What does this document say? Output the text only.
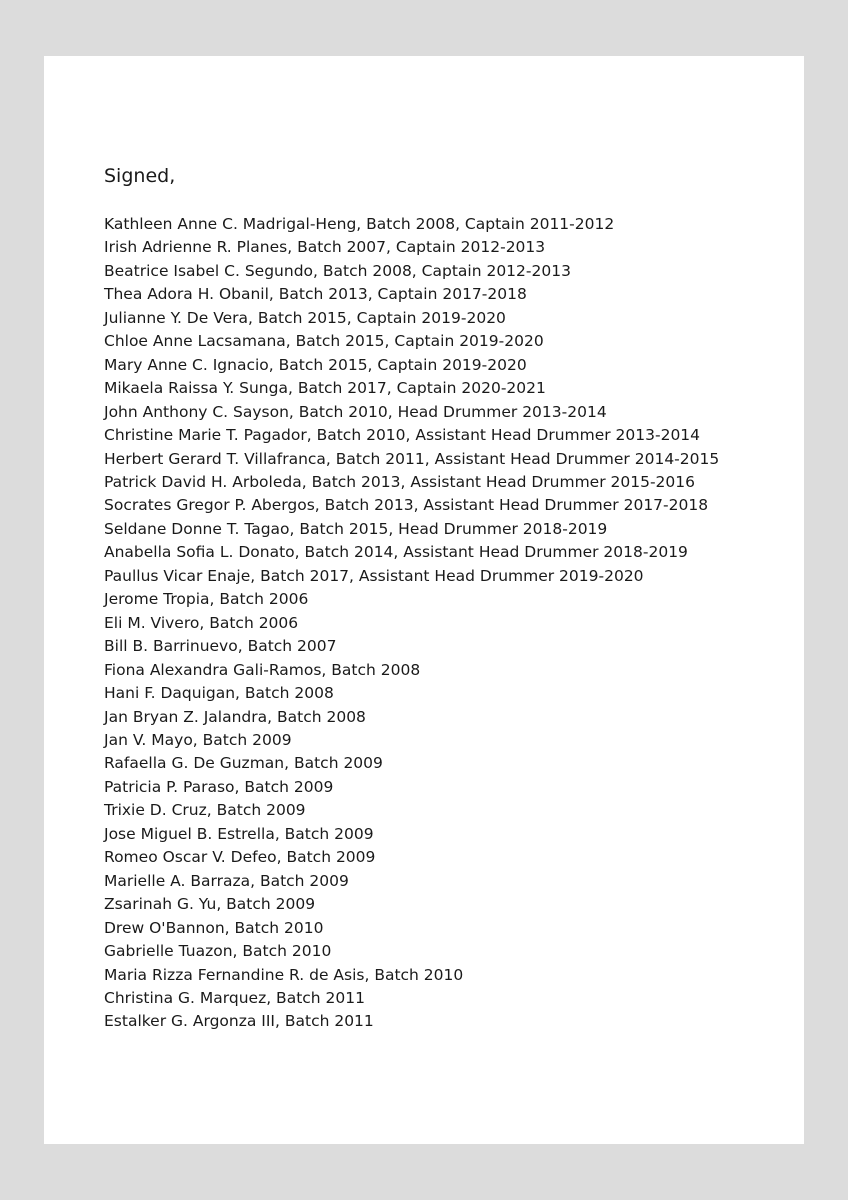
Signed,

Kathleen Anne C. Madrigal-Heng, Batch 2008, Captain 2011-2012
Irish Adrienne R. Planes, Batch 2007, Captain 2012-2013
Beatrice Isabel C. Segundo, Batch 2008, Captain 2012-2013
Thea Adora H. Obanil, Batch 2013, Captain 2017-2018
Julianne Y. De Vera, Batch 2015, Captain 2019-2020
Chloe Anne Lacsamana, Batch 2015, Captain 2019-2020
Mary Anne C. Ignacio, Batch 2015, Captain 2019-2020
Mikaela Raissa Y. Sunga, Batch 2017, Captain 2020-2021
John Anthony C. Sayson, Batch 2010, Head Drummer 2013-2014
Christine Marie T. Pagador, Batch 2010, Assistant Head Drummer 2013-2014
Herbert Gerard T. Villafranca, Batch 2011, Assistant Head Drummer 2014-2015
Patrick David H. Arboleda, Batch 2013, Assistant Head Drummer 2015-2016
Socrates Gregor P. Abergos, Batch 2013, Assistant Head Drummer 2017-2018
Seldane Donne T. Tagao, Batch 2015, Head Drummer 2018-2019
Anabella Sofia L. Donato, Batch 2014, Assistant Head Drummer 2018-2019
Paullus Vicar Enaje, Batch 2017, Assistant Head Drummer 2019-2020
Jerome Tropia, Batch 2006
Eli M. Vivero, Batch 2006
Bill B. Barrinuevo, Batch 2007
Fiona Alexandra Gali-Ramos, Batch 2008
Hani F. Daquigan, Batch 2008
Jan Bryan Z. Jalandra, Batch 2008
Jan V. Mayo, Batch 2009
Rafaella G. De Guzman, Batch 2009
Patricia P. Paraso, Batch 2009
Trixie D. Cruz, Batch 2009
Jose Miguel B. Estrella, Batch 2009
Romeo Oscar V. Defeo, Batch 2009
Marielle A. Barraza, Batch 2009
Zsarinah G. Yu, Batch 2009
Drew O'Bannon, Batch 2010
Gabrielle Tuazon, Batch 2010
Maria Rizza Fernandine R. de Asis, Batch 2010
Christina G. Marquez, Batch 2011
Estalker G. Argonza III, Batch 2011
